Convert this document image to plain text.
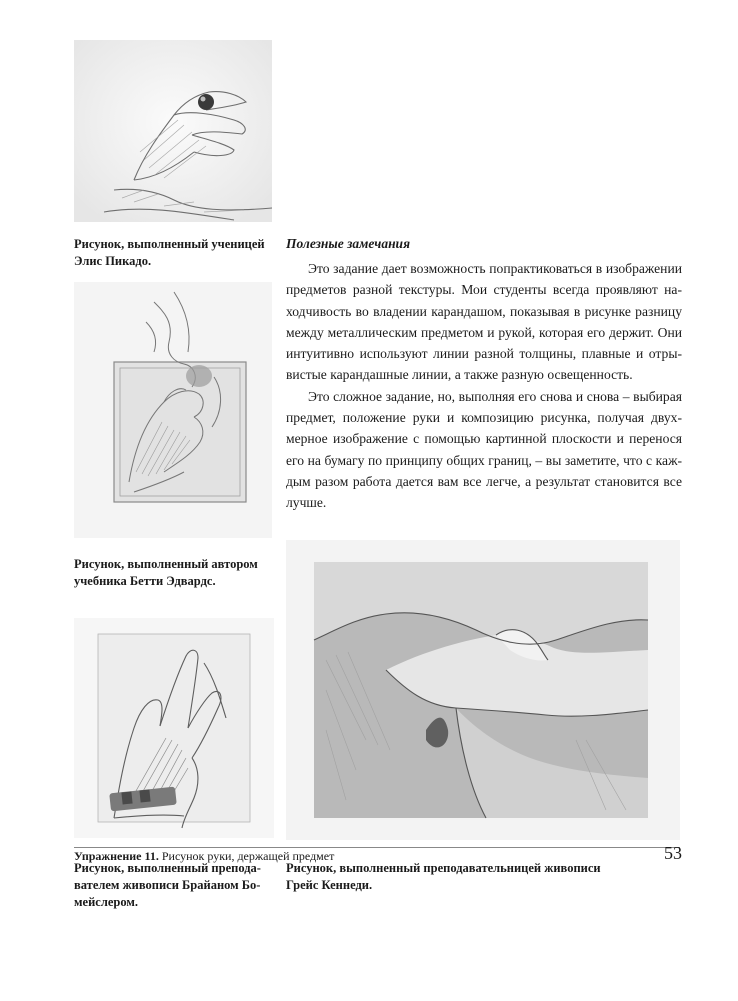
Рисунок, выполненный ученицей
Элис Пикадо.

Рисунок, выполненный автором
учебника Бетти Эдвардс.

Рисунок, выполненный препода-
вателем живописи Брайаном Бо-
мейслером.

Рисунок, выполненный преподавательницей живописи
Грейс Кеннеди.

Полезные замечания

Это задание дает возможность попрактиковаться в изображении
предметов разной текстуры. Мои студенты всегда проявляют на-
ходчивость во владении карандашом, показывая в рисунке разницу
между металлическим предметом и рукой, которая его держит. Они
интуитивно используют линии разной толщины, плавные и отры-
вистые карандашные линии, а также разную освещенность.

Это сложное задание, но, выполняя его снова и снова – выбирая
предмет, положение руки и композицию рисунка, получая двух-
мерное изображение с помощью картинной плоскости и перенося
его на бумагу по принципу общих границ, – вы заметите, что с каж-
дым разом работа дается вам все легче, а результат становится все
лучше.

Упражнение 11. Рисунок руки, держащей предмет	53
